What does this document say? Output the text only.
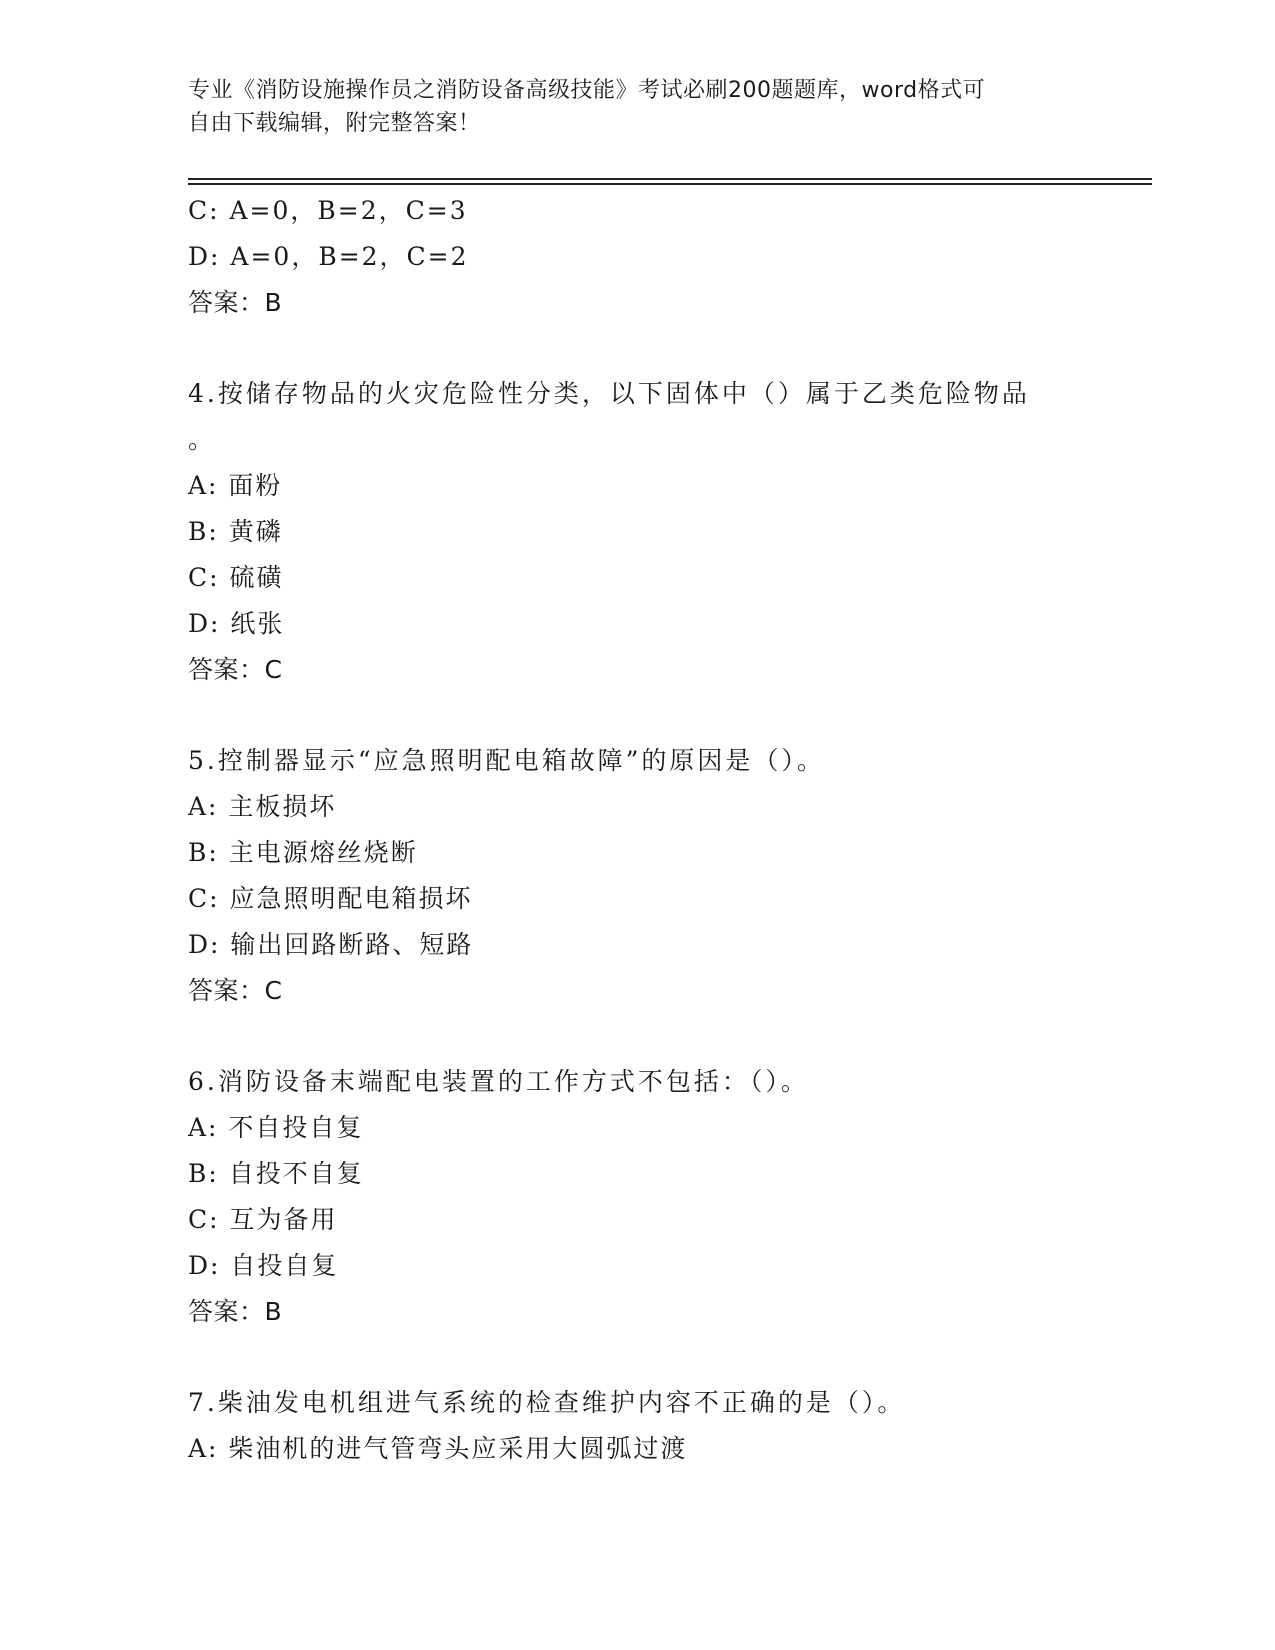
专业《消防设施操作员之消防设备高级技能》考试必刷200题题库，word格式可
自由下载编辑，附完整答案！
C: A=0，B=2，C=3
D: A=0，B=2，C=2
答案：B
4.按储存物品的火灾危险性分类，以下固体中（）属于乙类危险物品
。
A: 面粉
B: 黄磷
C: 硫磺
D: 纸张
答案：C
5.控制器显示“应急照明配电箱故障”的原因是（）。
A: 主板损坏
B: 主电源熔丝烧断
C: 应急照明配电箱损坏
D: 输出回路断路、短路
答案：C
6.消防设备末端配电装置的工作方式不包括：（）。
A: 不自投自复
B: 自投不自复
C: 互为备用
D: 自投自复
答案：B
7.柴油发电机组进气系统的检查维护内容不正确的是（）。
A: 柴油机的进气管弯头应采用大圆弧过渡
